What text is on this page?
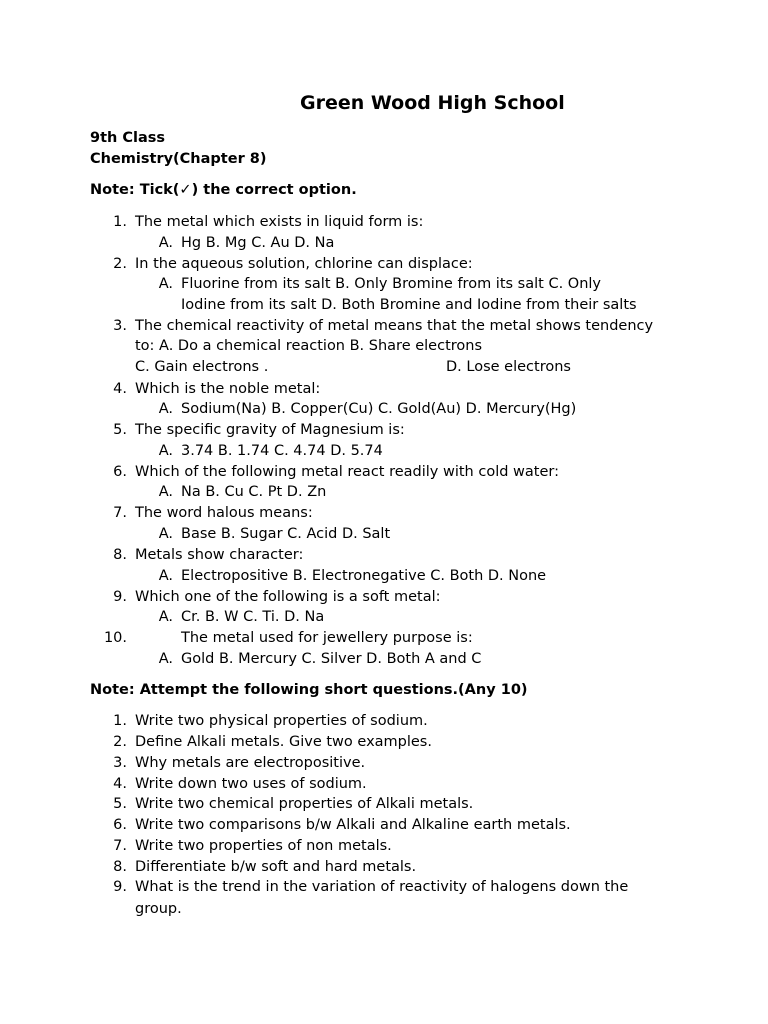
Green Wood High School
9th Class
Chemistry(Chapter 8)
Note: Tick(✓) the correct option.
1. The metal which exists in liquid form is:
A. Hg B. Mg C. Au D. Na
2. In the aqueous solution, chlorine can displace:
A. Fluorine from its salt B. Only Bromine from its salt C. Only
Iodine from its salt D. Both Bromine and Iodine from their salts
3. The chemical reactivity of metal means that the metal shows tendency
to: A. Do a chemical reaction B. Share electrons
C. Gain electrons .	D. Lose electrons
4. Which is the noble metal:
A. Sodium(Na) B. Copper(Cu) C. Gold(Au) D. Mercury(Hg)
5. The specific gravity of Magnesium is:
A. 3.74 B. 1.74 C. 4.74 D. 5.74
6. Which of the following metal react readily with cold water:
A. Na B. Cu C. Pt D. Zn
7. The word halous means:
A. Base B. Sugar C. Acid D. Salt
8. Metals show character:
A. Electropositive B. Electronegative C. Both D. None
9. Which one of the following is a soft metal:
A. Cr. B. W C. Ti. D. Na
10.	The metal used for jewellery purpose is:
A. Gold B. Mercury C. Silver D. Both A and C
Note: Attempt the following short questions.(Any 10)
1. Write two physical properties of sodium.
2. Define Alkali metals. Give two examples.
3. Why metals are electropositive.
4. Write down two uses of sodium.
5. Write two chemical properties of Alkali metals.
6. Write two comparisons b/w Alkali and Alkaline earth metals.
7. Write two properties of non metals.
8. Differentiate b/w soft and hard metals.
9. What is the trend in the variation of reactivity of halogens down the
group.
